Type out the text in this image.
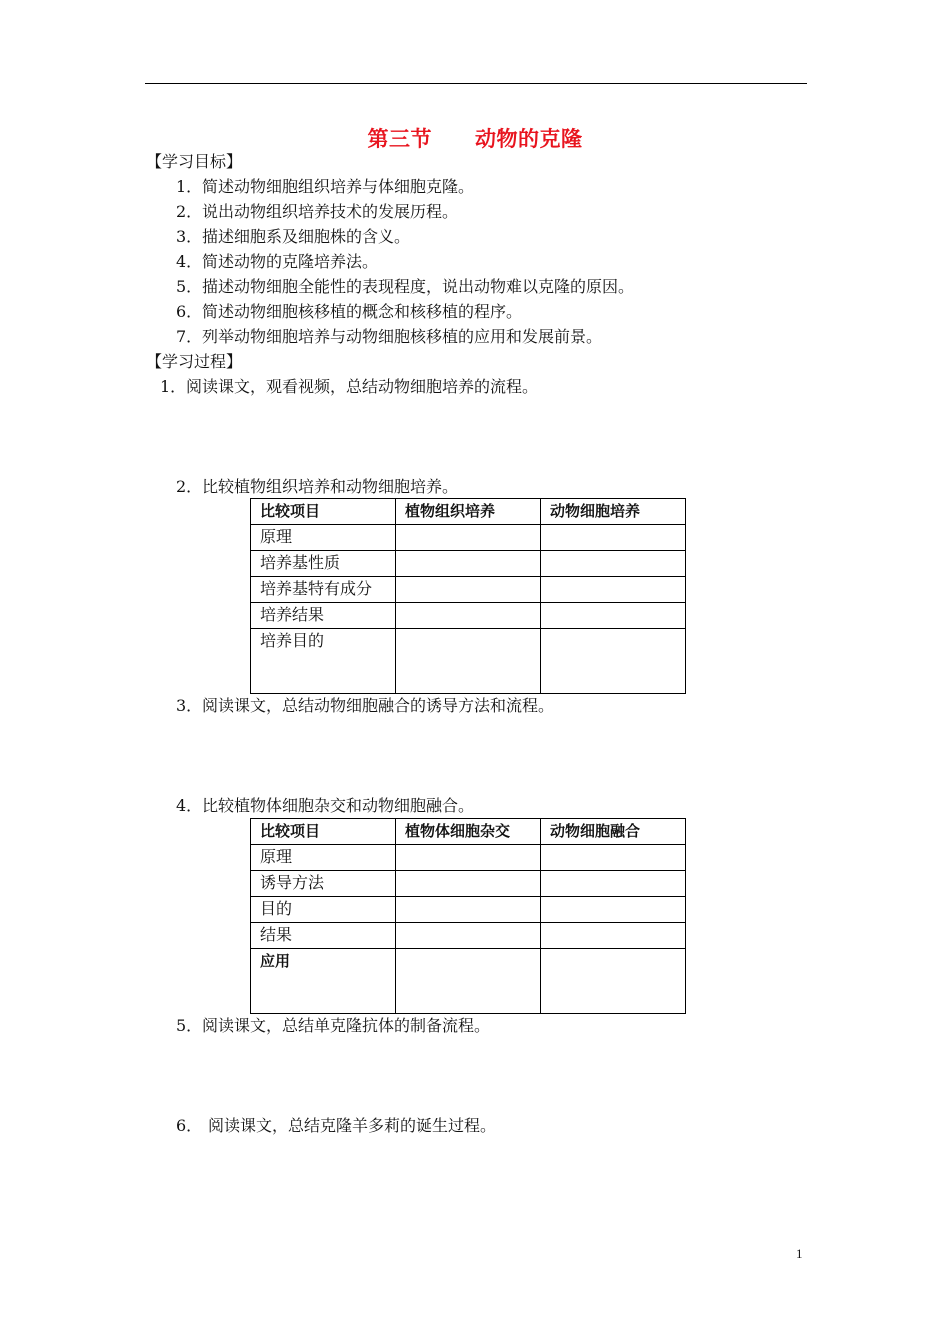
第三节　　动物的克隆
【学习目标】
1．简述动物细胞组织培养与体细胞克隆。
2．说出动物组织培养技术的发展历程。
3．描述细胞系及细胞株的含义。
4．简述动物的克隆培养法。
5．描述动物细胞全能性的表现程度，说出动物难以克隆的原因。
6．简述动物细胞核移植的概念和核移植的程序。
7．列举动物细胞培养与动物细胞核移植的应用和发展前景。
【学习过程】
1．阅读课文，观看视频，总结动物细胞培养的流程。
2．比较植物组织培养和动物细胞培养。
比较项目	植物组织培养	动物细胞培养
原理		
培养基性质		
培养基特有成分		
培养结果		
培养目的		
3．阅读课文，总结动物细胞融合的诱导方法和流程。
4．比较植物体细胞杂交和动物细胞融合。
比较项目	植物体细胞杂交	动物细胞融合
原理		
诱导方法		
目的		
结果		
应用		
5．阅读课文，总结单克隆抗体的制备流程。
6． 阅读课文，总结克隆羊多莉的诞生过程。
1
